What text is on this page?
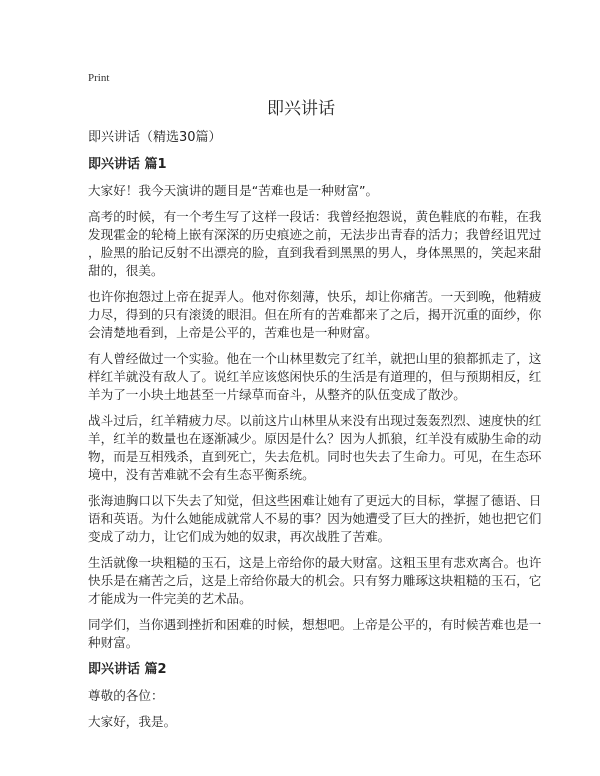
Print
即兴讲话
即兴讲话（精选30篇）
即兴讲话 篇1
大家好！我今天演讲的题目是“苦难也是一种财富”。
高考的时候，有一个考生写了这样一段话：我曾经抱怨说，黄色鞋底的布鞋，在我
发现霍金的轮椅上嵌有深深的历史痕迹之前，无法步出青春的活力；我曾经诅咒过
，脸黑的胎记反射不出漂亮的脸，直到我看到黑黑的男人，身体黑黑的，笑起来甜
甜的，很美。
也许你抱怨过上帝在捉弄人。他对你刻薄，快乐，却让你痛苦。一天到晚，他精疲
力尽，得到的只有滚烫的眼泪。但在所有的苦难都来了之后，揭开沉重的面纱，你
会清楚地看到，上帝是公平的，苦难也是一种财富。
有人曾经做过一个实验。他在一个山林里数完了红羊，就把山里的狼都抓走了，这
样红羊就没有敌人了。说红羊应该悠闲快乐的生活是有道理的，但与预期相反，红
羊为了一小块土地甚至一片绿草而奋斗，从整齐的队伍变成了散沙。
战斗过后，红羊精疲力尽。以前这片山林里从来没有出现过轰轰烈烈、速度快的红
羊，红羊的数量也在逐渐减少。原因是什么？因为人抓狼，红羊没有威胁生命的动
物，而是互相残杀，直到死亡，失去危机。同时也失去了生命力。可见，在生态环
境中，没有苦难就不会有生态平衡系统。
张海迪胸口以下失去了知觉，但这些困难让她有了更远大的目标，掌握了德语、日
语和英语。为什么她能成就常人不易的事？因为她遭受了巨大的挫折，她也把它们
变成了动力，让它们成为她的奴隶，再次战胜了苦难。
生活就像一块粗糙的玉石，这是上帝给你的最大财富。这粗玉里有悲欢离合。也许
快乐是在痛苦之后，这是上帝给你最大的机会。只有努力雕琢这块粗糙的玉石，它
才能成为一件完美的艺术品。
同学们，当你遇到挫折和困难的时候，想想吧。上帝是公平的，有时候苦难也是一
种财富。
即兴讲话 篇2
尊敬的各位：
大家好，我是。
